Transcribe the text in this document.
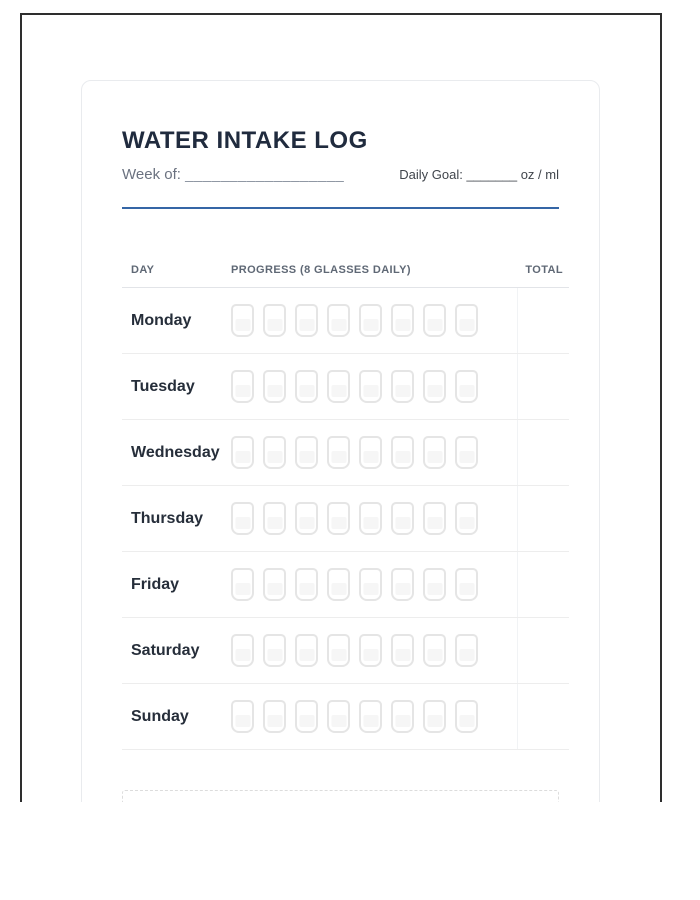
WATER INTAKE LOG
Week of: __________________	Daily Goal: _______ oz / ml
DAY	PROGRESS (8 GLASSES DAILY)	TOTAL
Monday
Tuesday
Wednesday
Thursday
Friday
Saturday
Sunday
